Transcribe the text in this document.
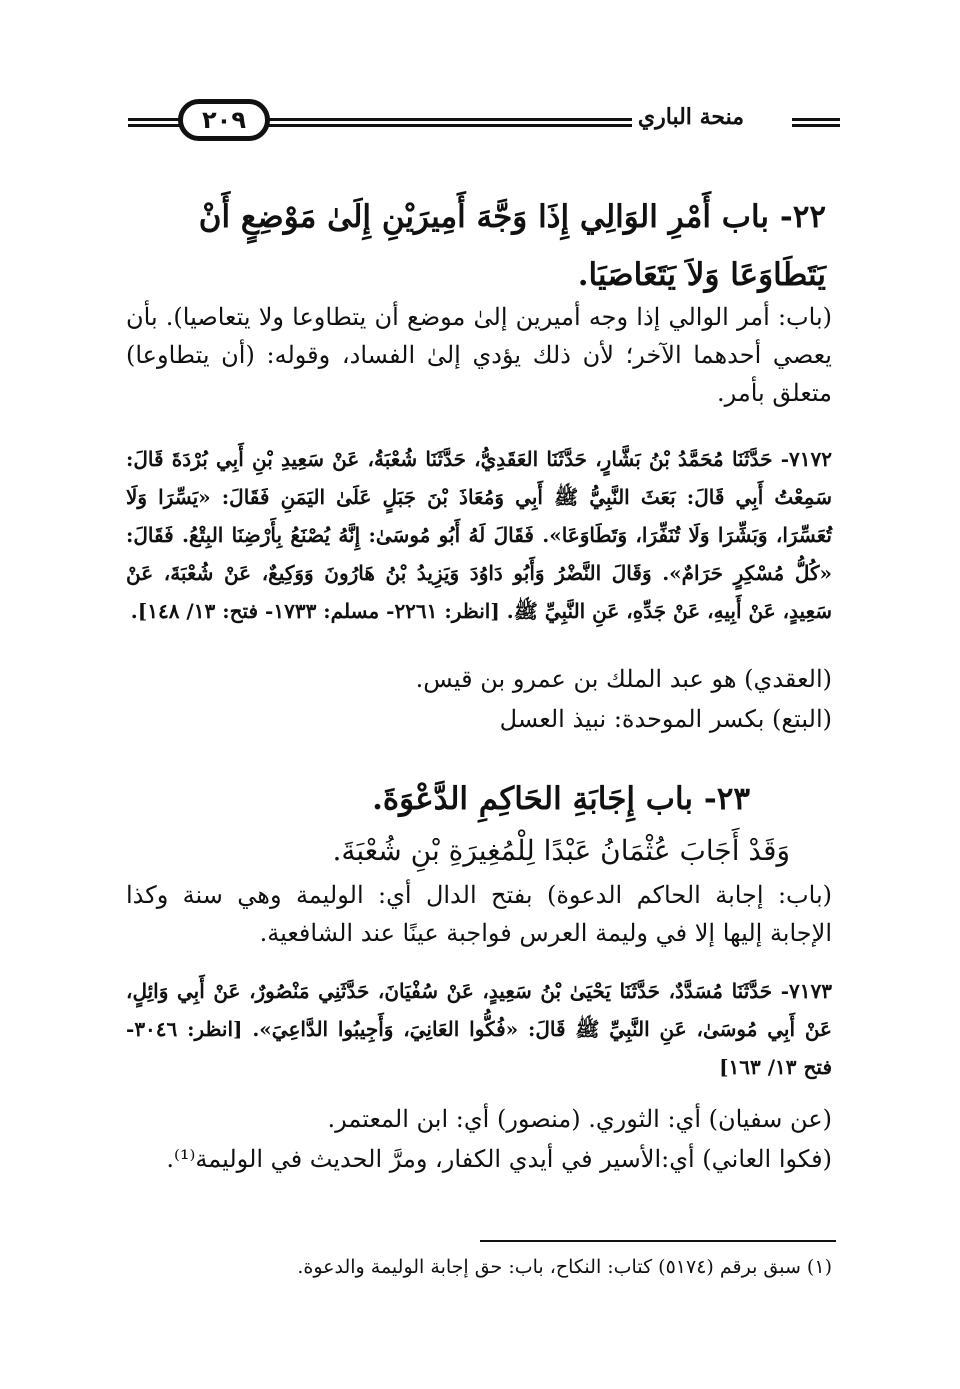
٢٠٩	منحة الباري
٢٢- باب أَمْرِ الوَالِي إِذَا وَجَّهَ أَمِيرَيْنِ إِلَىٰ مَوْضِعٍ أَنْ يَتَطَاوَعَا وَلاَ يَتَعَاصَيَا.
(باب: أمر الوالي إذا وجه أميرين إلىٰ موضع أن يتطاوعا ولا يتعاصيا). بأن يعصي أحدهما الآخر؛ لأن ذلك يؤدي إلىٰ الفساد، وقوله: (أن يتطاوعا) متعلق بأمر.
٧١٧٢- حَدَّثَنَا مُحَمَّدُ بْنُ بَشَّارٍ، حَدَّثَنَا العَقَدِيُّ، حَدَّثَنَا شُعْبَةُ، عَنْ سَعِيدِ بْنِ أَبِي بُرْدَةَ قَالَ: سَمِعْتُ أَبِي قَالَ: بَعَثَ النَّبِيُّ ﷺ أَبِي وَمُعَاذَ بْنَ جَبَلٍ عَلَىٰ اليَمَنِ فَقَالَ: «يَسِّرَا وَلَا تُعَسِّرَا، وَبَشِّرَا وَلَا تُنَفِّرَا، وَتَطَاوَعَا». فَقَالَ لَهُ أَبُو مُوسَىٰ: إِنَّهُ يُصْنَعُ بِأَرْضِنَا البِتْعُ. فَقَالَ: «كُلُّ مُسْكِرٍ حَرَامٌ». وَقَالَ النَّضْرُ وَأَبُو دَاوُدَ وَيَزِيدُ بْنُ هَارُونَ وَوَكِيعٌ، عَنْ شُعْبَةَ، عَنْ سَعِيدٍ، عَنْ أَبِيهِ، عَنْ جَدِّهِ، عَنِ النَّبِيِّ ﷺ. [انظر: ٢٢٦١- مسلم: ١٧٣٣- فتح: ١٣/ ١٤٨].
(العقدي) هو عبد الملك بن عمرو بن قيس.
(البتع) بكسر الموحدة: نبيذ العسل
٢٣- باب إِجَابَةِ الحَاكِمِ الدَّعْوَةَ.
وَقَدْ أَجَابَ عُثْمَانُ عَبْدًا لِلْمُغِيرَةِ بْنِ شُعْبَةَ.
(باب: إجابة الحاكم الدعوة) بفتح الدال أي: الوليمة وهي سنة وكذا الإجابة إليها إلا في وليمة العرس فواجبة عينًا عند الشافعية.
٧١٧٣- حَدَّثَنَا مُسَدَّدٌ، حَدَّثَنَا يَحْيَىٰ بْنُ سَعِيدٍ، عَنْ سُفْيَانَ، حَدَّثَنِي مَنْصُورٌ، عَنْ أَبِي وَائِلٍ، عَنْ أَبِي مُوسَىٰ، عَنِ النَّبِيِّ ﷺ قَالَ: «فُكُّوا العَانِيَ، وَأَجِيبُوا الدَّاعِيَ». [انظر: ٣٠٤٦- فتح ١٣/ ١٦٣]
(عن سفيان) أي: الثوري. (منصور) أي: ابن المعتمر.
(فكوا العاني) أي:الأسير في أيدي الكفار، ومرَّ الحديث في الوليمة⁽¹⁾.
(١) سبق برقم (٥١٧٤) كتاب: النكاح، باب: حق إجابة الوليمة والدعوة.
